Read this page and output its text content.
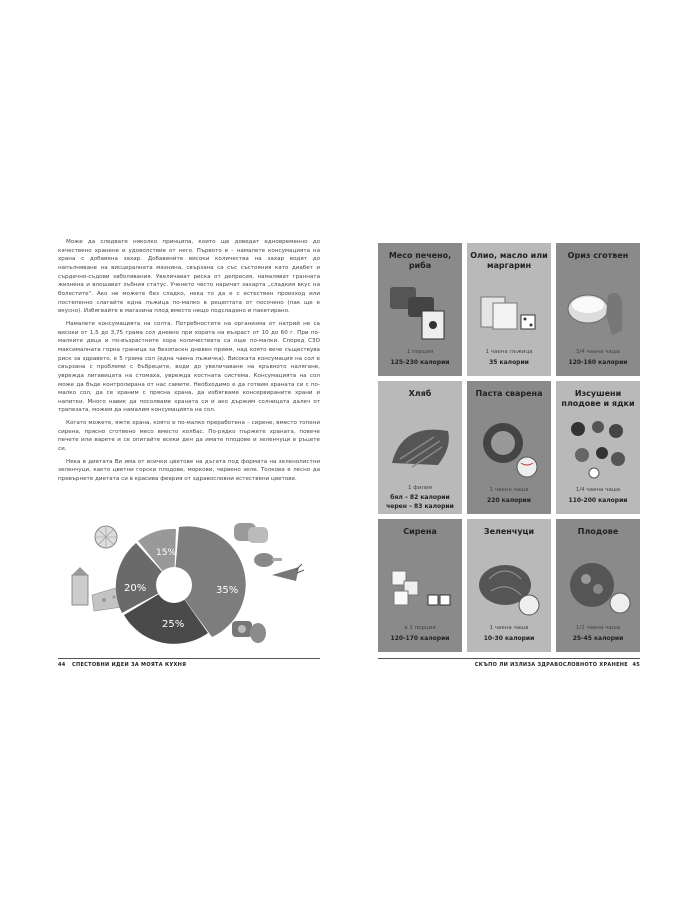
Може да следвате няколко принципа, които ще доведат едновременно до качествено хранене и удоволствие от него. Първото е – намалете консумацията на храна с добавена захар. Добавените високи количества на захар водят до напълняване на висцералната мазнина, свързана са със състояния като диабет и сърдечно-съдови заболявания. Увеличават риска от депресия, намаляват гранната жизнена и влошават зъбния статус. Ученето често наричат захарта „сладкия вкус на болестите". Ако не можете без сладко, нека то да е с естествен произход или постепенно слагайте една лъжица по-малко в рецептата от посочено (пак ще е вкусно). Избягвайте в магазина плод вместо нещо подсладено и пакетирано.

Намалете консумацията на солта. Потребностите на организма от натрий не са високи от 1,5 до 3,75 грама сол дневно при хората на възраст от 10 до 60 г. При по-малките деца и по-възрастните хора количествата са още по-малки. Според СЗО максималната горна граница за безопасен дневен прием, над която вече съществува риск за здравето, е 5 грама сол (една чаена лъжичка). Високата консумация на сол е свързана с проблеми с бъбреците, води до увеличаване на кръвното налягане, уврежда лигавицата на стомаха, уврежда костната система. Консумацията на сол може да бъде контролирана от нас самите. Необходимо е да готвим храната си с по-малко сол, да се храним с прясна храна, да избягваме консервираните храни и напитки. Много навик да посолваме храната си и ако държим солницата далеч от трапезата, можем да намалим консумацията на сол.

Когато можете, яжте храна, която е по-малко преработена – сирене, вместо топени сирена, прясно сготвено месо вместо колбас. По-рядко пържете храната, повече печете или варете и се опитайте всеки ден да имате плодове и зеленчуци в ръцете си.

Нека в диетата Ви има от всички цветове на дъгата под формата на зеленолистни зеленчуци, както цветни горски плодове, моркови, червено зеле. Толкова е лесно да превърнете диетата си в красива феерия от здравословни естествени цветове.

15%
35%
25%
20%
44 СПЕСТОВНИ ИДЕИ ЗА МОЯТА КУХНЯ
Месо печено, риба
1 порция
125-230 калории
Олио, масло или маргарин
1 чаена лъжица
35 калории
Ориз сготвен
3/4 чаена чаша
120-160 калории
Хляб
1 филия
бял – 82 калории
черен – 83 калории
Паста сварена
1 чаена чаша
220 калории
Изсушени плодове и ядки
1/4 чаена чаша
110-200 калории
Сирена
в 1 порция
120-170 калории
Зеленчуци
1 чаена чаша
10-30 калории
Плодове
1/2 чаена чаша
25-45 калории
СКЪПО ЛИ ИЗЛИЗА ЗДРАВОСЛОВНОТО ХРАНЕНЕ 45
